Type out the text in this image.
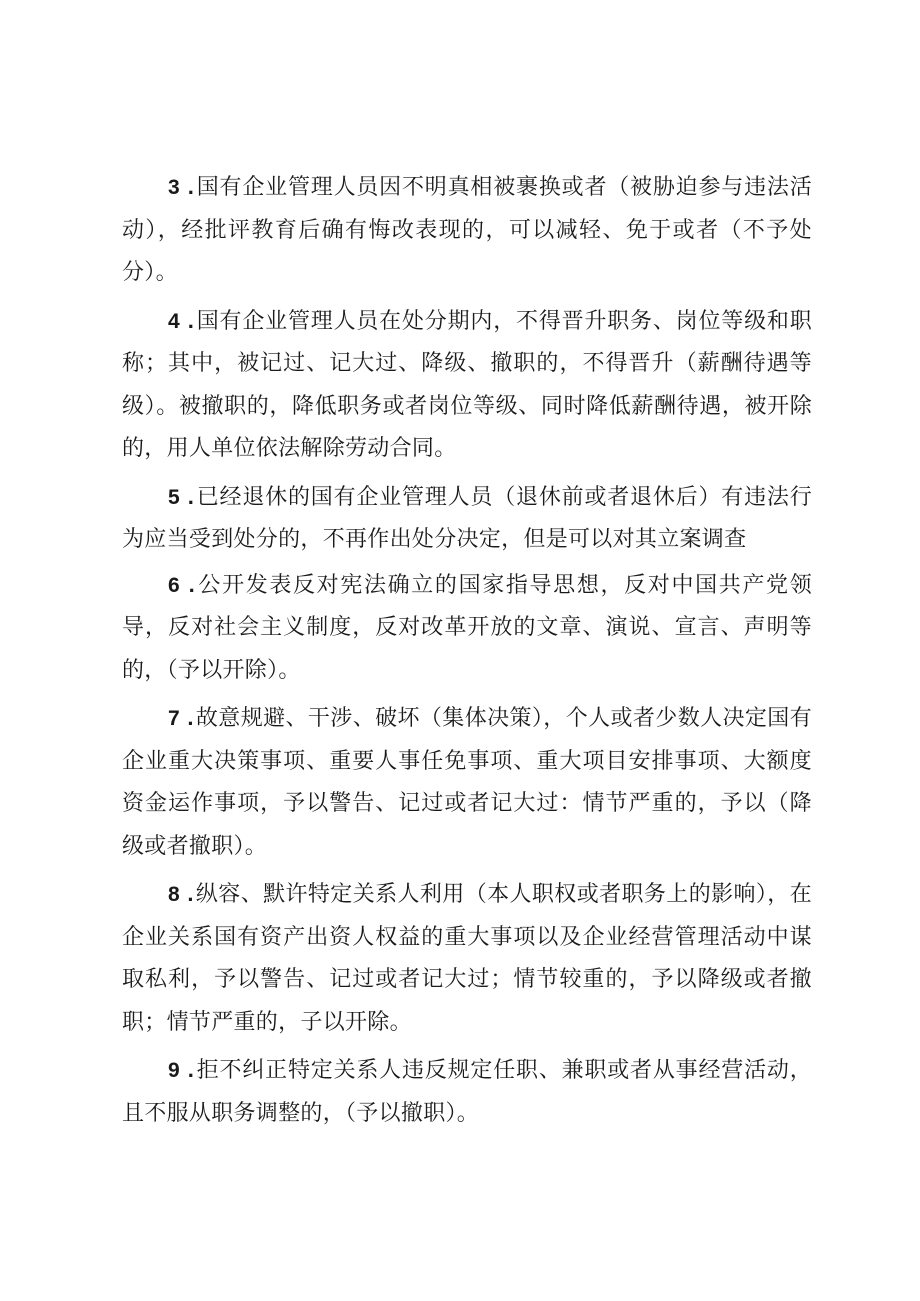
3 .国有企业管理人员因不明真相被裹换或者（被胁迫参与违法活动），经批评教育后确有悔改表现的，可以减轻、免于或者（不予处分）。

4 .国有企业管理人员在处分期内，不得晋升职务、岗位等级和职称；其中，被记过、记大过、降级、撤职的，不得晋升（薪酬待遇等级）。被撤职的，降低职务或者岗位等级、同时降低薪酬待遇，被开除的，用人单位依法解除劳动合同。

5 .已经退休的国有企业管理人员（退休前或者退休后）有违法行为应当受到处分的，不再作出处分决定，但是可以对其立案调查

6 .公开发表反对宪法确立的国家指导思想，反对中国共产党领导，反对社会主义制度，反对改革开放的文章、演说、宣言、声明等的，（予以开除）。

7 .故意规避、干涉、破坏（集体决策），个人或者少数人决定国有企业重大决策事项、重要人事任免事项、重大项目安排事项、大额度资金运作事项，予以警告、记过或者记大过：情节严重的，予以（降级或者撤职）。

8 .纵容、默许特定关系人利用（本人职权或者职务上的影响），在企业关系国有资产出资人权益的重大事项以及企业经营管理活动中谋取私利，予以警告、记过或者记大过；情节较重的，予以降级或者撤职；情节严重的，子以开除。

9 .拒不纠正特定关系人违反规定任职、兼职或者从事经营活动，且不服从职务调整的，（予以撤职）。
